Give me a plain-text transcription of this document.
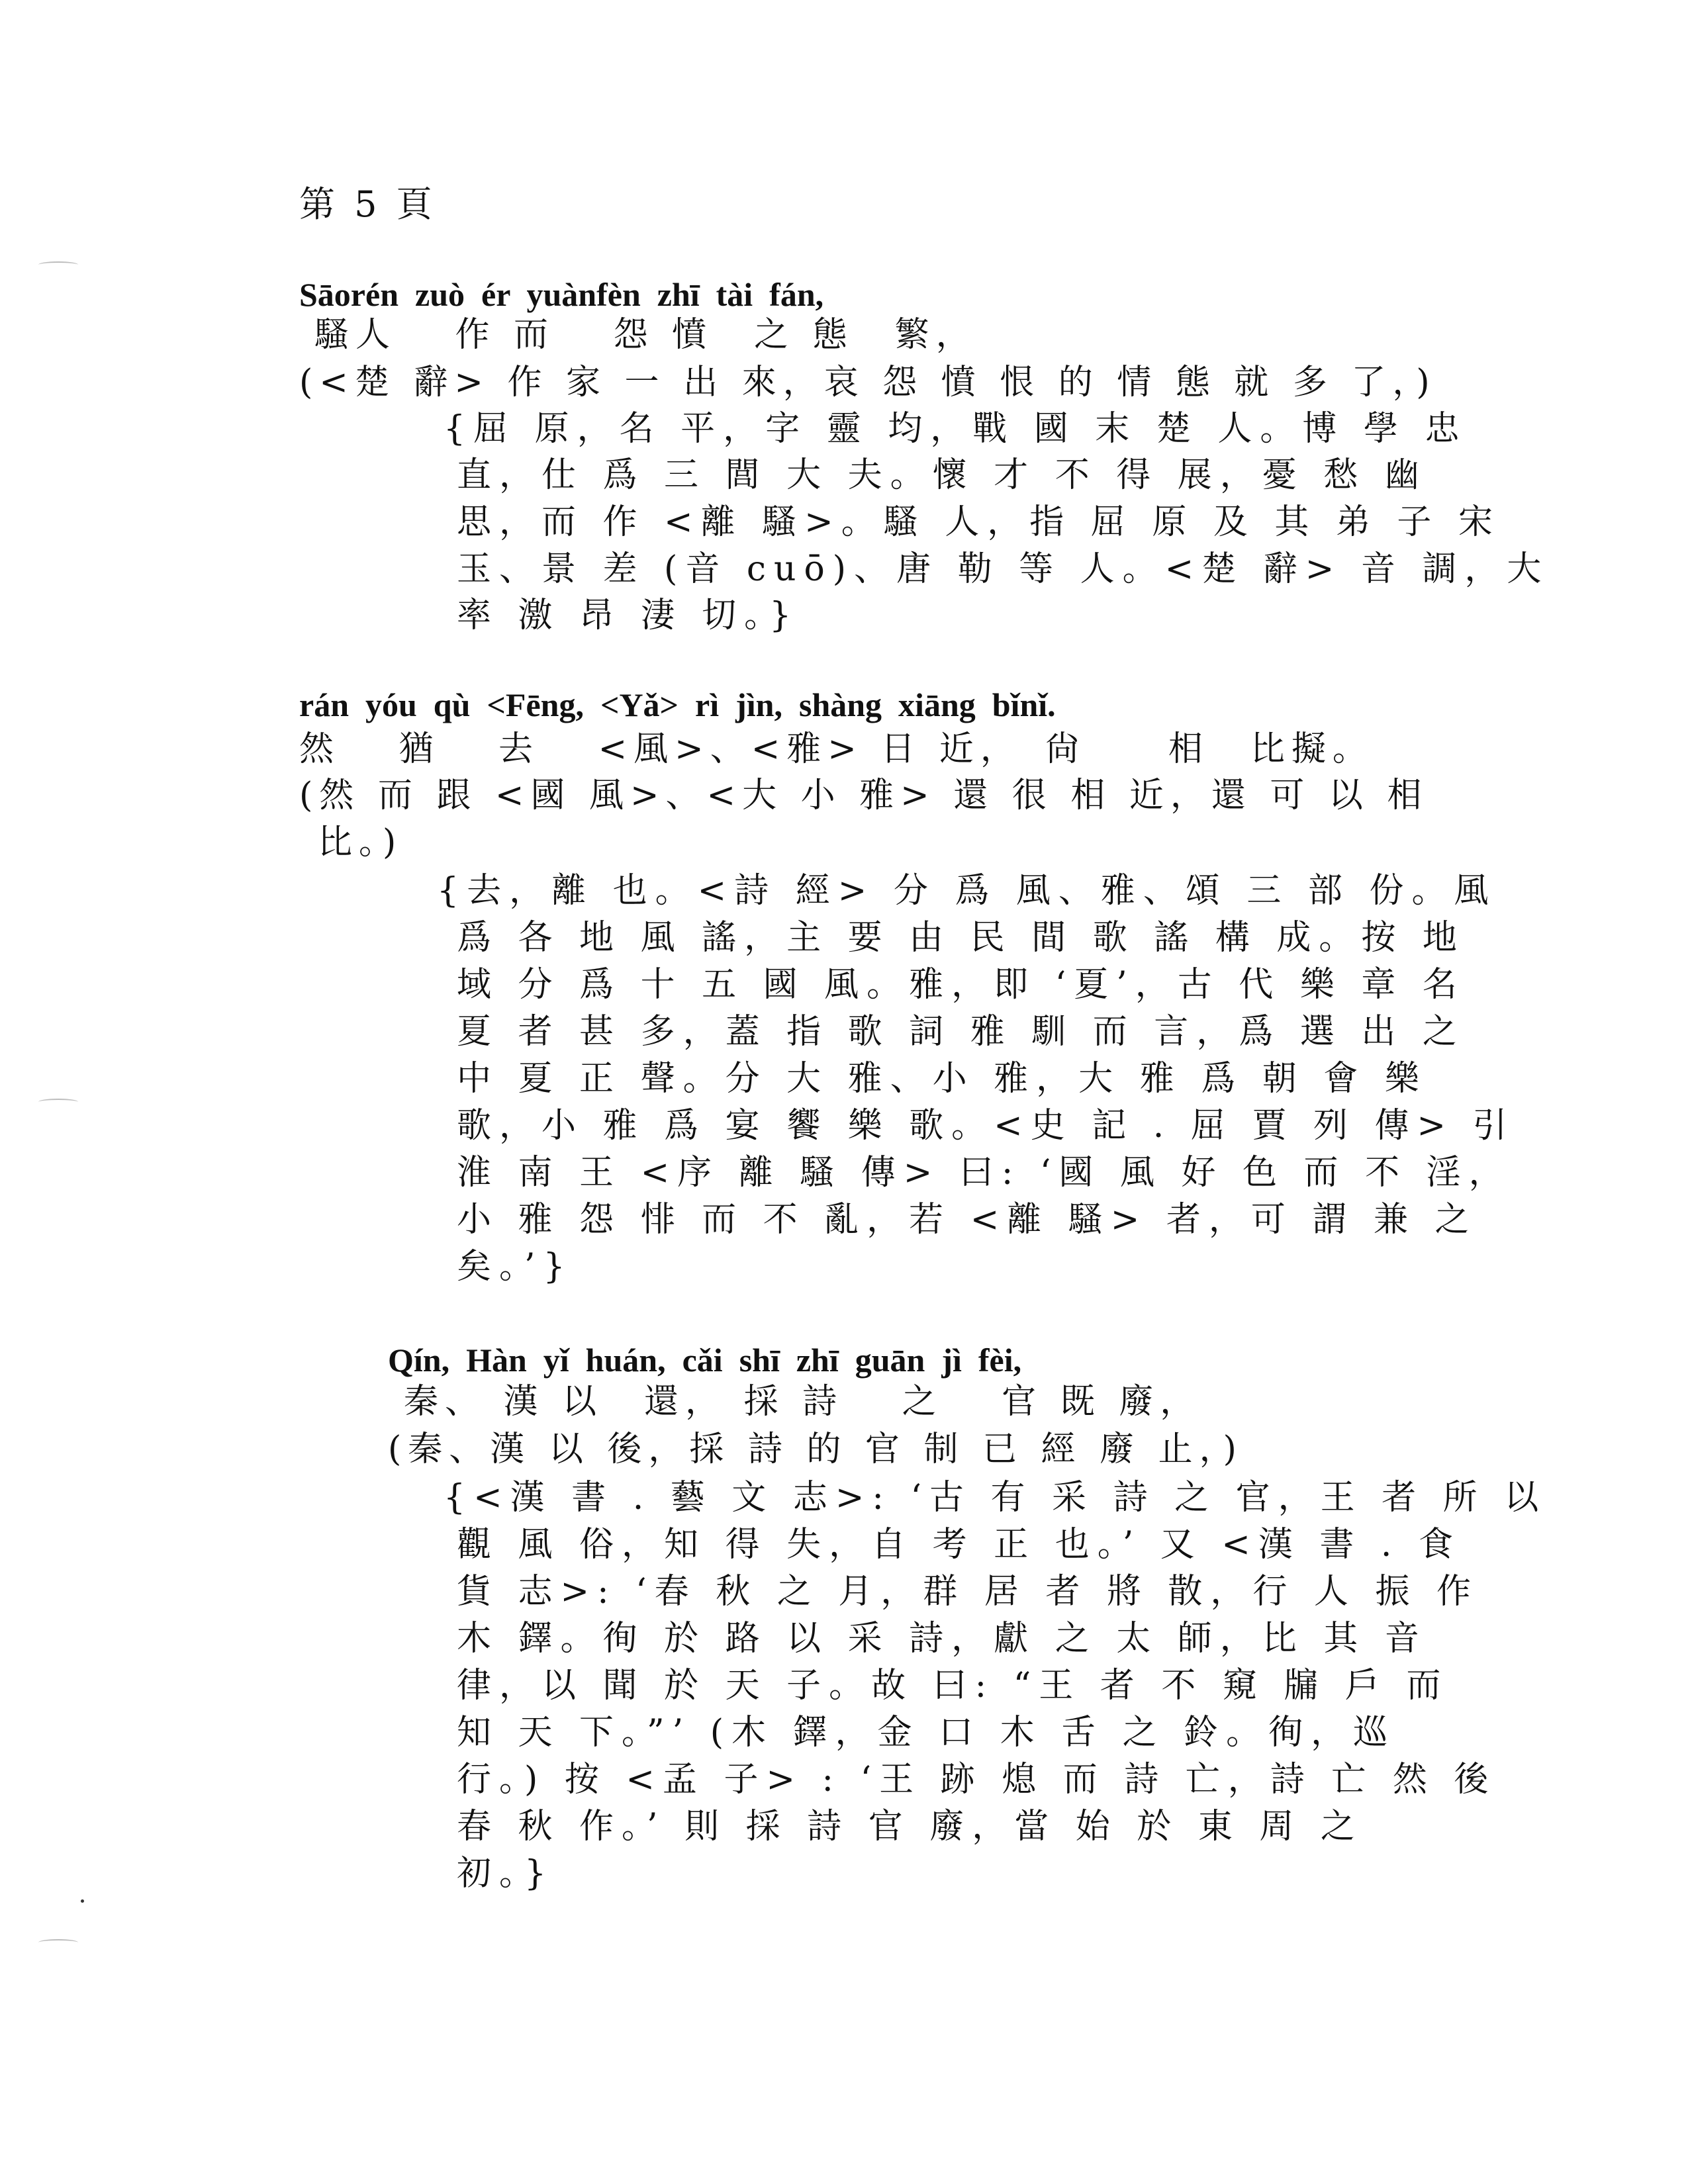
第 5 頁
Sāorén  zuò  ér  yuànfèn  zhī  tài  fán,
騷人　 作 而　 怨 憤　之 態　繁，
(<楚 辭> 作 家 一 出 來，哀 怨 憤 恨 的 情 態 就 多 了，)
{屈 原，名 平，字 靈 均，戰 國 末 楚 人。博 學 忠
直，仕 爲 三 閭 大 夫。懷 才 不 得 展，憂 愁 幽
思，而 作 <離 騷>。騷 人，指 屈 原 及 其 弟 子 宋
玉、景 差 (音 cuō)、唐 勒 等 人。<楚 辭> 音 調，大
率 激 昂 淒 切。}
rán  yóu  qù  <Fēng,  <Yǎ>  rì  jìn,  shàng  xiāng  bǐnǐ.
然　 猶　 去　 <風>、<雅> 日 近，　尙　　相　比擬。
(然 而 跟 <國 風>、<大 小 雅> 還 很 相 近，還 可 以 相
比。)
{去，離 也。<詩 經> 分 爲 風、雅、頌 三 部 份。風
爲 各 地 風 謠，主 要 由 民 間 歌 謠 構 成。按 地
域 分 爲 十 五 國 風。雅，即 ‘夏’，古 代 樂 章 名
夏 者 甚 多，蓋 指 歌 詞 雅 馴 而 言，爲 選 出 之
中 夏 正 聲。分 大 雅、小 雅，大 雅 爲 朝 會 樂
歌，小 雅 爲 宴 饗 樂 歌。<史 記 . 屈 賈 列 傳> 引
淮 南 王 <序 離 騷 傳> 曰: ‘國 風 好 色 而 不 淫，
小 雅 怨 悱 而 不 亂，若 <離 騷> 者，可 謂 兼 之
矣。’}
Qín,  Hàn  yǐ  huán,  cǎi  shī  zhī  guān  jì  fèi,
秦、 漢 以　還， 採 詩　 之　 官 既 廢，
(秦、漢 以 後，採 詩 的 官 制 已 經 廢 止，)
{<漢 書 . 藝 文 志>: ‘古 有 采 詩 之 官，王 者 所 以
觀 風 俗，知 得 失，自 考 正 也。’ 又 <漢 書 . 食
貨 志>: ‘春 秋 之 月，群 居 者 將 散，行 人 振 作
木 鐸。徇 於 路 以 采 詩，獻 之 太 師，比 其 音
律，以 聞 於 天 子。故 曰: “王 者 不 窺 牖 戶 而
知 天 下。”’ (木 鐸，金 口 木 舌 之 鈴。徇，巡
行。) 按 <孟 子> : ‘王 跡 熄 而 詩 亡，詩 亡 然 後
春 秋 作。’ 則 採 詩 官 廢，當 始 於 東 周 之
初。}
